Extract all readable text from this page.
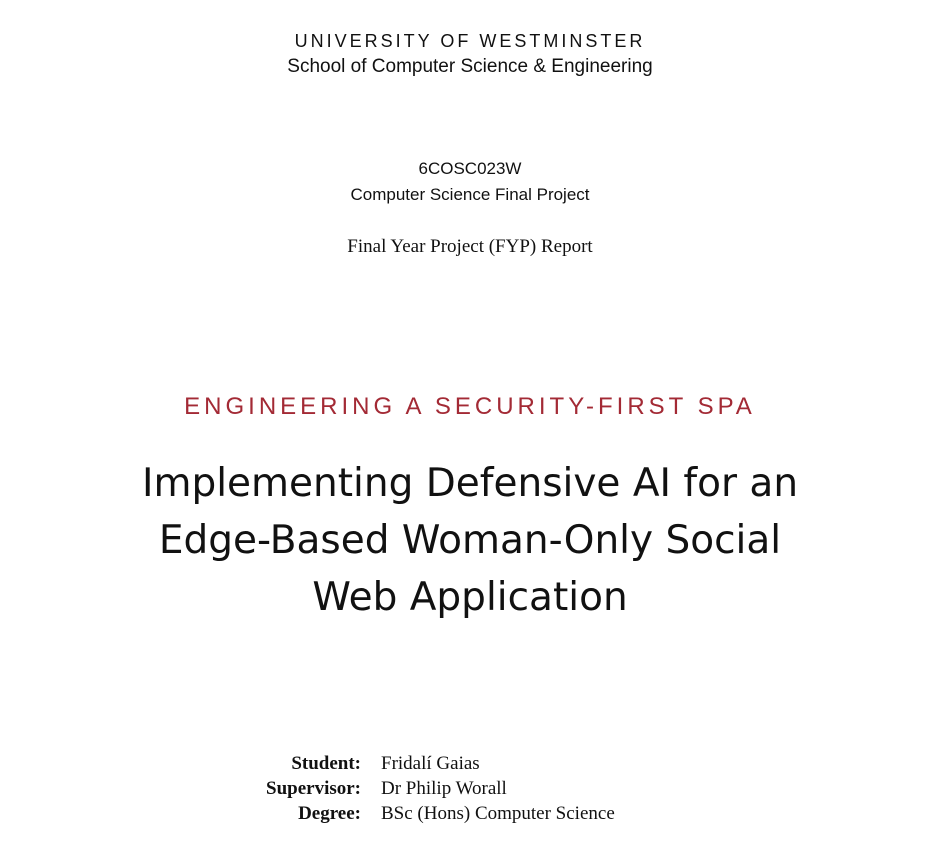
UNIVERSITY OF WESTMINSTER
School of Computer Science & Engineering
6COSC023W
Computer Science Final Project
Final Year Project (FYP) Report
ENGINEERING A SECURITY-FIRST SPA
Implementing Defensive AI for an
Edge-Based Woman-Only Social
Web Application
Student: Fridalí Gaias
Supervisor: Dr Philip Worall
Degree: BSc (Hons) Computer Science
